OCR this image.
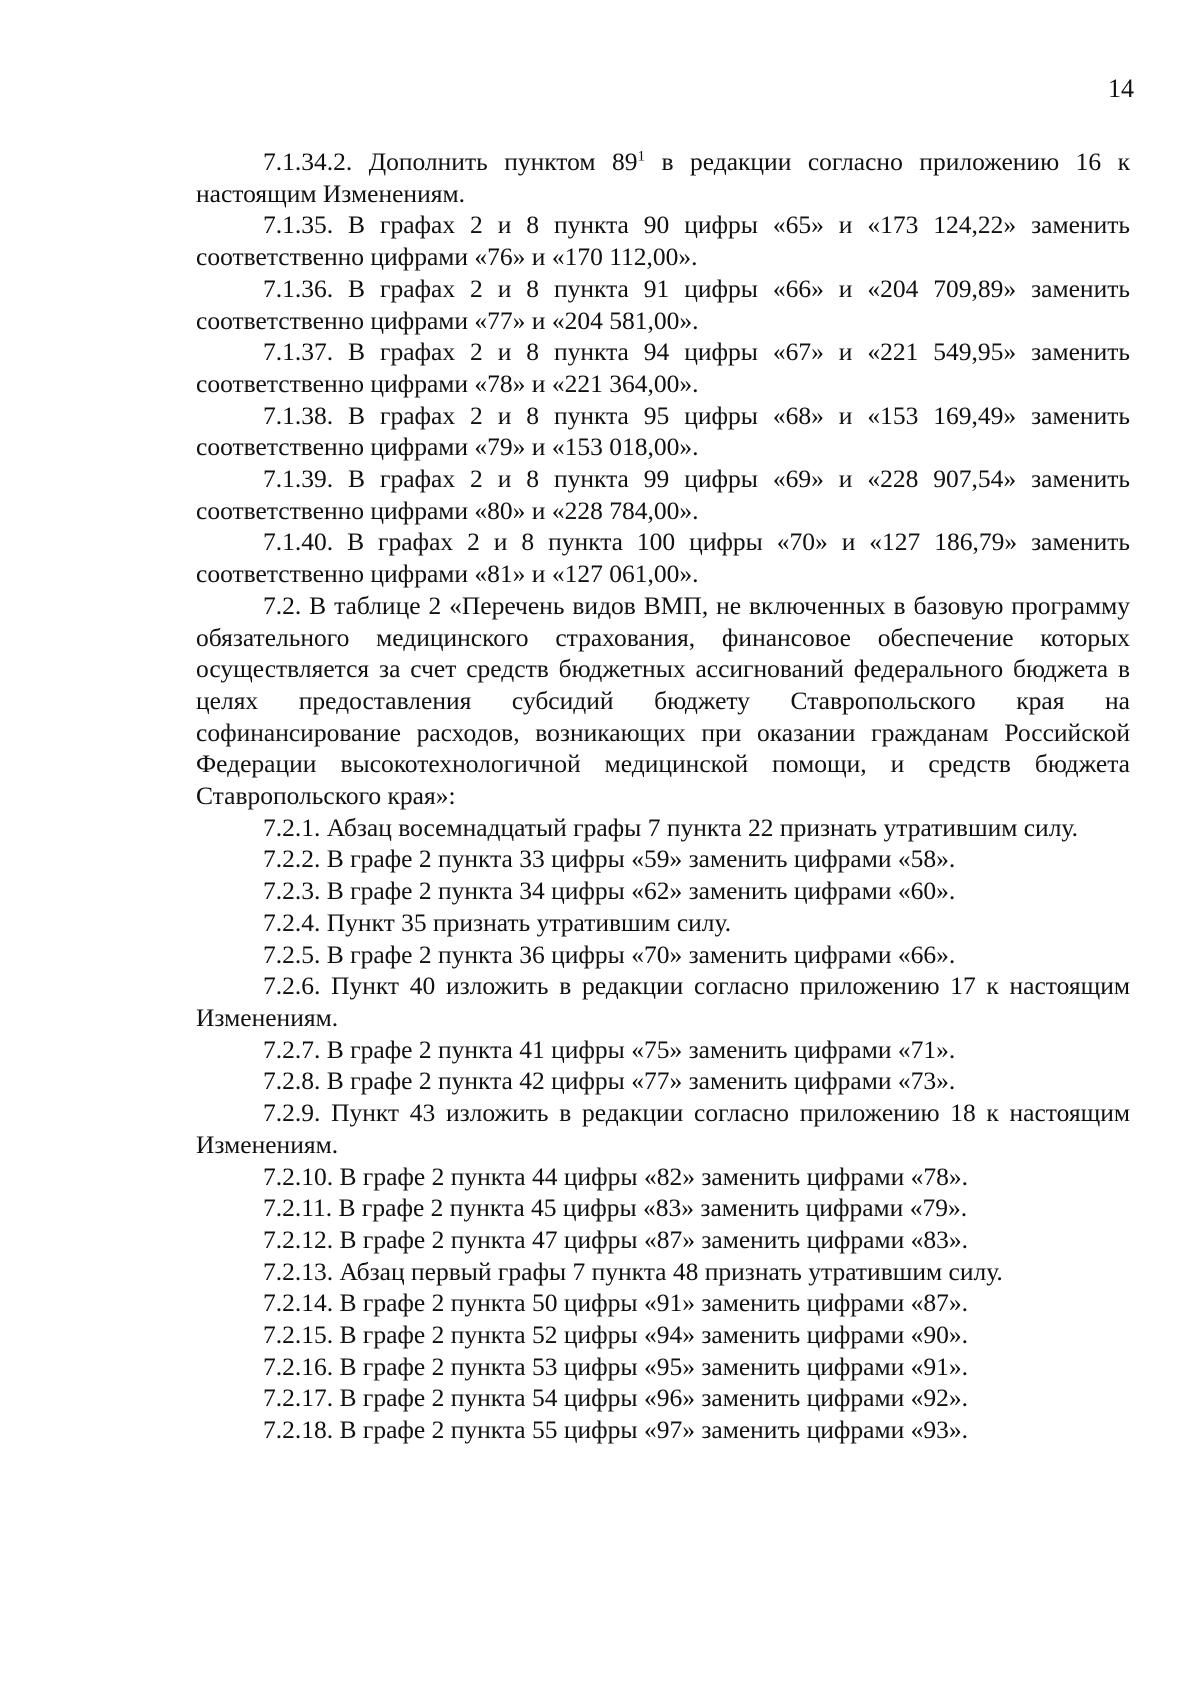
14

7.1.34.2. Дополнить пунктом $89^1$ в редакции согласно приложению 16 к настоящим Изменениям.

7.1.35. В графах 2 и 8 пункта 90 цифры «65» и «173 124,22» заменить соответственно цифрами «76» и «170 112,00».

7.1.36. В графах 2 и 8 пункта 91 цифры «66» и «204 709,89» заменить соответственно цифрами «77» и «204 581,00».

7.1.37. В графах 2 и 8 пункта 94 цифры «67» и «221 549,95» заменить соответственно цифрами «78» и «221 364,00».

7.1.38. В графах 2 и 8 пункта 95 цифры «68» и «153 169,49» заменить соответственно цифрами «79» и «153 018,00».

7.1.39. В графах 2 и 8 пункта 99 цифры «69» и «228 907,54» заменить соответственно цифрами «80» и «228 784,00».

7.1.40. В графах 2 и 8 пункта 100 цифры «70» и «127 186,79» заменить соответственно цифрами «81» и «127 061,00».

7.2. В таблице 2 «Перечень видов ВМП, не включенных в базовую программу обязательного медицинского страхования, финансовое обеспечение которых осуществляется за счет средств бюджетных ассигнований федерального бюджета в целях предоставления субсидий бюджету Ставропольского края на софинансирование расходов, возникающих при оказании гражданам Российской Федерации высокотехнологичной медицинской помощи, и средств бюджета Ставропольского края»:

7.2.1. Абзац восемнадцатый графы 7 пункта 22 признать утратившим силу.

7.2.2. В графе 2 пункта 33 цифры «59» заменить цифрами «58».

7.2.3. В графе 2 пункта 34 цифры «62» заменить цифрами «60».

7.2.4. Пункт 35 признать утратившим силу.

7.2.5. В графе 2 пункта 36 цифры «70» заменить цифрами «66».

7.2.6. Пункт 40 изложить в редакции согласно приложению 17 к настоящим Изменениям.

7.2.7. В графе 2 пункта 41 цифры «75» заменить цифрами «71».

7.2.8. В графе 2 пункта 42 цифры «77» заменить цифрами «73».

7.2.9. Пункт 43 изложить в редакции согласно приложению 18 к настоящим Изменениям.

7.2.10. В графе 2 пункта 44 цифры «82» заменить цифрами «78».

7.2.11. В графе 2 пункта 45 цифры «83» заменить цифрами «79».

7.2.12. В графе 2 пункта 47 цифры «87» заменить цифрами «83».

7.2.13. Абзац первый графы 7 пункта 48 признать утратившим силу.

7.2.14. В графе 2 пункта 50 цифры «91» заменить цифрами «87».

7.2.15. В графе 2 пункта 52 цифры «94» заменить цифрами «90».

7.2.16. В графе 2 пункта 53 цифры «95» заменить цифрами «91».

7.2.17. В графе 2 пункта 54 цифры «96» заменить цифрами «92».

7.2.18. В графе 2 пункта 55 цифры «97» заменить цифрами «93».
